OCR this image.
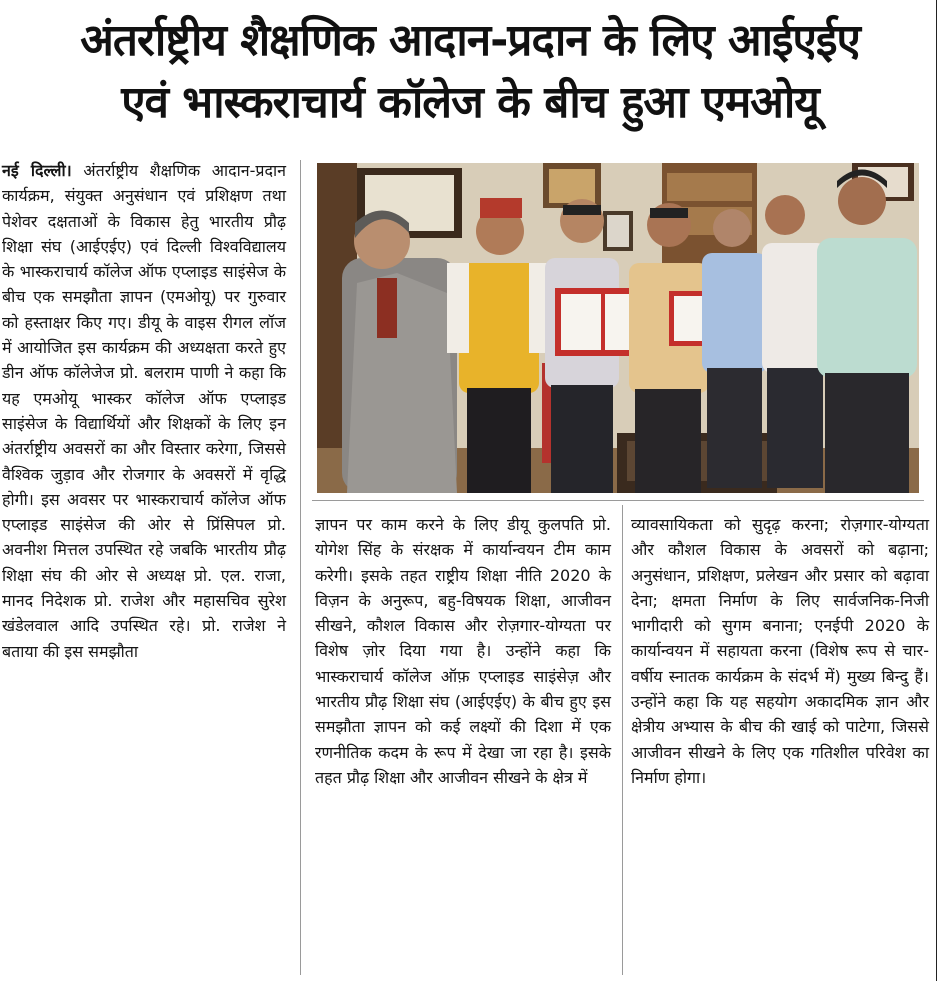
अंतर्राष्ट्रीय शैक्षणिक आदान-प्रदान के लिए आईएईए
एवं भास्कराचार्य कॉलेज के बीच हुआ एमओयू
नई दिल्ली। अंतर्राष्ट्रीय शैक्षणिक आदान-प्रदान कार्यक्रम, संयुक्त अनुसंधान एवं प्रशिक्षण तथा पेशेवर दक्षताओं के विकास हेतु भारतीय प्रौढ़ शिक्षा संघ (आईएईए) एवं दिल्ली विश्वविद्यालय के भास्कराचार्य कॉलेज ऑफ एप्लाइड साइंसेज के बीच एक समझौता ज्ञापन (एमओयू) पर गुरुवार को हस्ताक्षर किए गए। डीयू के वाइस रीगल लॉज में आयोजित इस कार्यक्रम की अध्यक्षता करते हुए डीन ऑफ कॉलेजेज प्रो. बलराम पाणी ने कहा कि यह एमओयू भास्कर कॉलेज ऑफ एप्लाइड साइंसेज के विद्यार्थियों और शिक्षकों के लिए इन अंतर्राष्ट्रीय अवसरों का और विस्तार करेगा, जिससे वैश्विक जुड़ाव और रोजगार के अवसरों में वृद्धि होगी। इस अवसर पर भास्कराचार्य कॉलेज ऑफ एप्लाइड साइंसेज की ओर से प्रिंसिपल प्रो. अवनीश मित्तल उपस्थित रहे जबकि भारतीय प्रौढ़ शिक्षा संघ की ओर से अध्यक्ष प्रो. एल. राजा, मानद निदेशक प्रो. राजेश और महासचिव सुरेश खंडेलवाल आदि उपस्थित रहे। प्रो. राजेश ने बताया की इस समझौता
ज्ञापन पर काम करने के लिए डीयू कुलपति प्रो. योगेश सिंह के संरक्षक में कार्यान्वयन टीम काम करेगी। इसके तहत राष्ट्रीय शिक्षा नीति 2020 के विज़न के अनुरूप, बहु-विषयक शिक्षा, आजीवन सीखने, कौशल विकास और रोज़गार-योग्यता पर विशेष ज़ोर दिया गया है। उन्होंने कहा कि भास्कराचार्य कॉलेज ऑफ़ एप्लाइड साइंसेज़ और भारतीय प्रौढ़ शिक्षा संघ (आईएईए) के बीच हुए इस समझौता ज्ञापन को कई लक्ष्यों की दिशा में एक रणनीतिक कदम के रूप में देखा जा रहा है। इसके तहत प्रौढ़ शिक्षा और आजीवन सीखने के क्षेत्र में
व्यावसायिकता को सुदृढ़ करना; रोज़गार-योग्यता और कौशल विकास के अवसरों को बढ़ाना; अनुसंधान, प्रशिक्षण, प्रलेखन और प्रसार को बढ़ावा देना; क्षमता निर्माण के लिए सार्वजनिक-निजी भागीदारी को सुगम बनाना; एनईपी 2020 के कार्यान्वयन में सहायता करना (विशेष रूप से चार-वर्षीय स्नातक कार्यक्रम के संदर्भ में) मुख्य बिन्दु हैं। उन्होंने कहा कि यह सहयोग अकादमिक ज्ञान और क्षेत्रीय अभ्यास के बीच की खाई को पाटेगा, जिससे आजीवन सीखने के लिए एक गतिशील परिवेश का निर्माण होगा।
